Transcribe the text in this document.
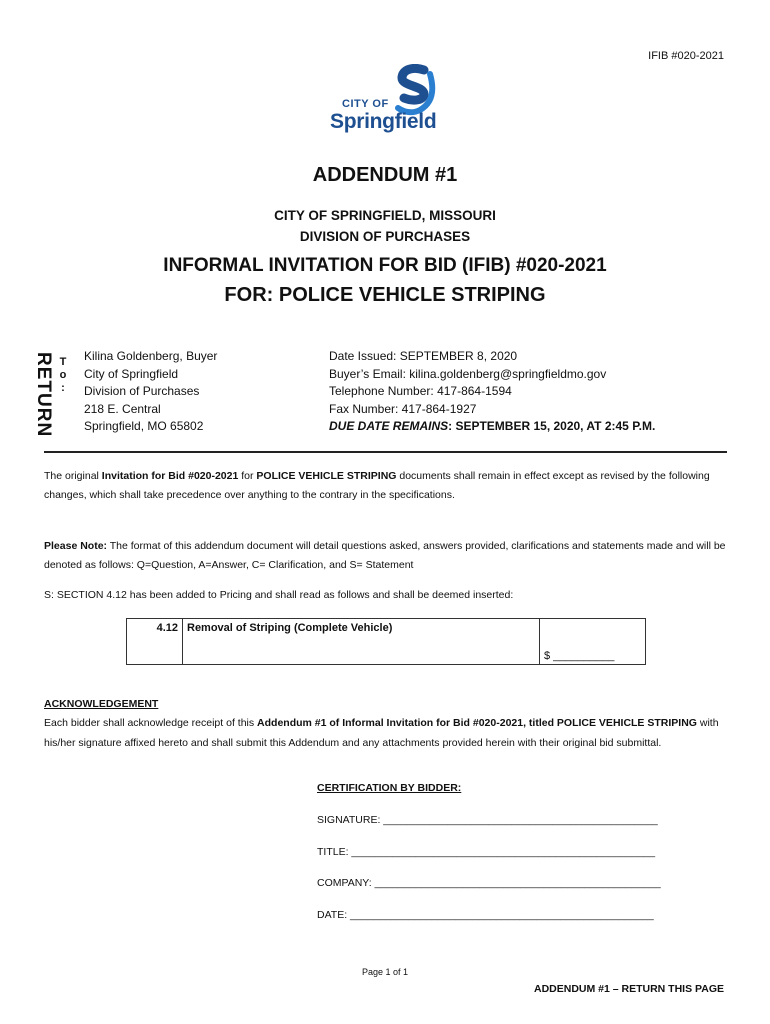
IFIB #020-2021
CITY OF
Springfield
ADDENDUM #1
CITY OF SPRINGFIELD, MISSOURI
DIVISION OF PURCHASES
INFORMAL INVITATION FOR BID (IFIB) #020-2021
FOR: POLICE VEHICLE STRIPING
RETURN T
o
:
Kilina Goldenberg, Buyer
City of Springfield
Division of Purchases
218 E. Central
Springfield, MO 65802
Date Issued: SEPTEMBER 8, 2020
Buyer’s Email: kilina.goldenberg@springfieldmo.gov
Telephone Number: 417-864-1594
Fax Number: 417-864-1927
DUE DATE REMAINS: SEPTEMBER 15, 2020, AT 2:45 P.M.
The original Invitation for Bid #020-2021 for POLICE VEHICLE STRIPING documents shall remain in effect except as revised by the following changes, which shall take precedence over anything to the contrary in the specifications.
Please Note: The format of this addendum document will detail questions asked, answers provided, clarifications and statements made and will be denoted as follows: Q=Question, A=Answer, C= Clarification, and S= Statement
S: SECTION 4.12 has been added to Pricing and shall read as follows and shall be deemed inserted:
4.12	Removal of Striping (Complete Vehicle)	$ __________
ACKNOWLEDGEMENT
Each bidder shall acknowledge receipt of this Addendum #1 of Informal Invitation for Bid #020-2021, titled POLICE VEHICLE STRIPING with his/her signature affixed hereto and shall submit this Addendum and any attachments provided herein with their original bid submittal.
CERTIFICATION BY BIDDER:
SIGNATURE: _______________________________________________
TITLE: ____________________________________________________
COMPANY: _________________________________________________
DATE: ____________________________________________________
Page 1 of 1
ADDENDUM #1 – RETURN THIS PAGE
